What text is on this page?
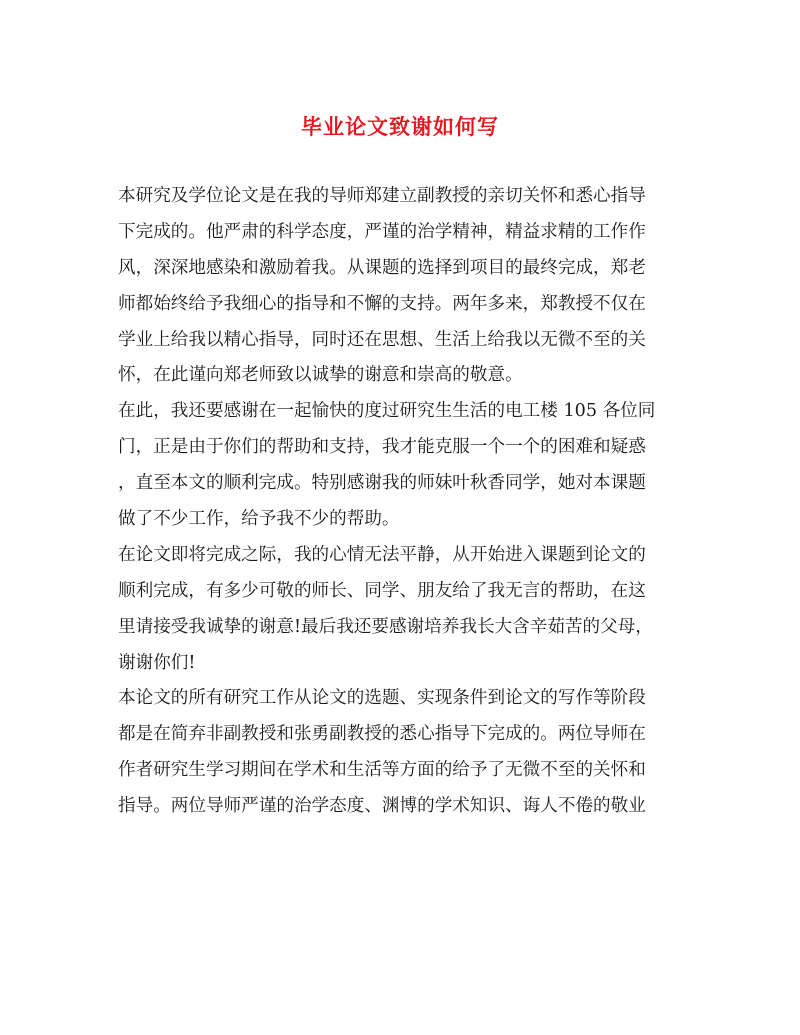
毕业论文致谢如何写
本研究及学位论文是在我的导师郑建立副教授的亲切关怀和悉心指导
下完成的。他严肃的科学态度，严谨的治学精神，精益求精的工作作
风，深深地感染和激励着我。从课题的选择到项目的最终完成，郑老
师都始终给予我细心的指导和不懈的支持。两年多来，郑教授不仅在
学业上给我以精心指导，同时还在思想、生活上给我以无微不至的关
怀，在此谨向郑老师致以诚挚的谢意和崇高的敬意。
在此，我还要感谢在一起愉快的度过研究生生活的电工楼 105 各位同
门，正是由于你们的帮助和支持，我才能克服一个一个的困难和疑惑
，直至本文的顺利完成。特别感谢我的师妹叶秋香同学，她对本课题
做了不少工作，给予我不少的帮助。
在论文即将完成之际，我的心情无法平静，从开始进入课题到论文的
顺利完成，有多少可敬的师长、同学、朋友给了我无言的帮助，在这
里请接受我诚挚的谢意!最后我还要感谢培养我长大含辛茹苦的父母，
谢谢你们!
本论文的所有研究工作从论文的选题、实现条件到论文的写作等阶段
都是在简弃非副教授和张勇副教授的悉心指导下完成的。两位导师在
作者研究生学习期间在学术和生活等方面的给予了无微不至的关怀和
指导。两位导师严谨的治学态度、渊博的学术知识、诲人不倦的敬业
